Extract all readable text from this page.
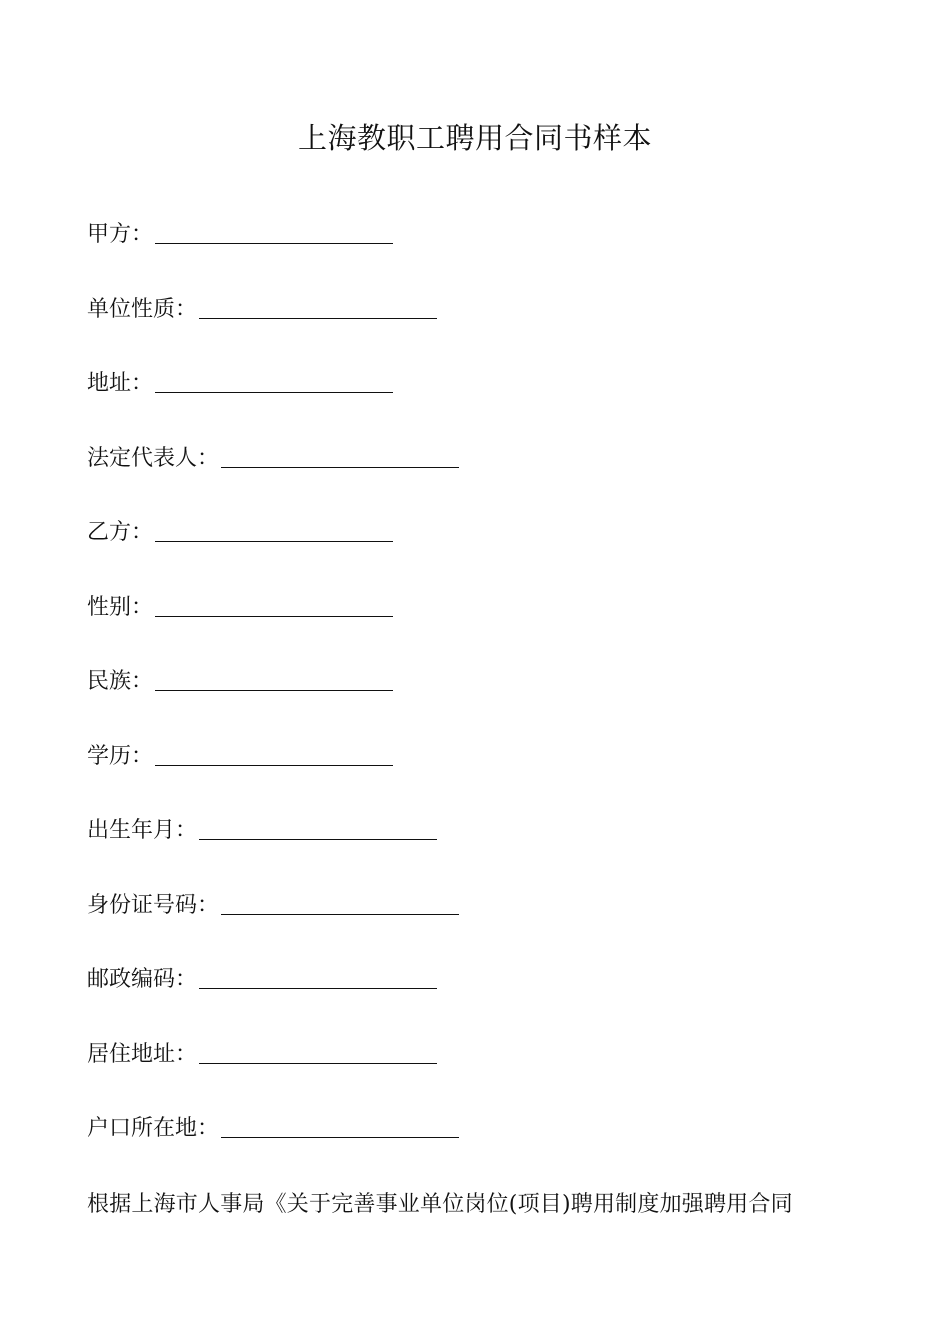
上海教职工聘用合同书样本
甲方：
单位性质：
地址：
法定代表人：
乙方：
性别：
民族：
学历：
出生年月：
身份证号码：
邮政编码：
居住地址：
户口所在地：
根据上海市人事局《关于完善事业单位岗位(项目)聘用制度加强聘用合同
